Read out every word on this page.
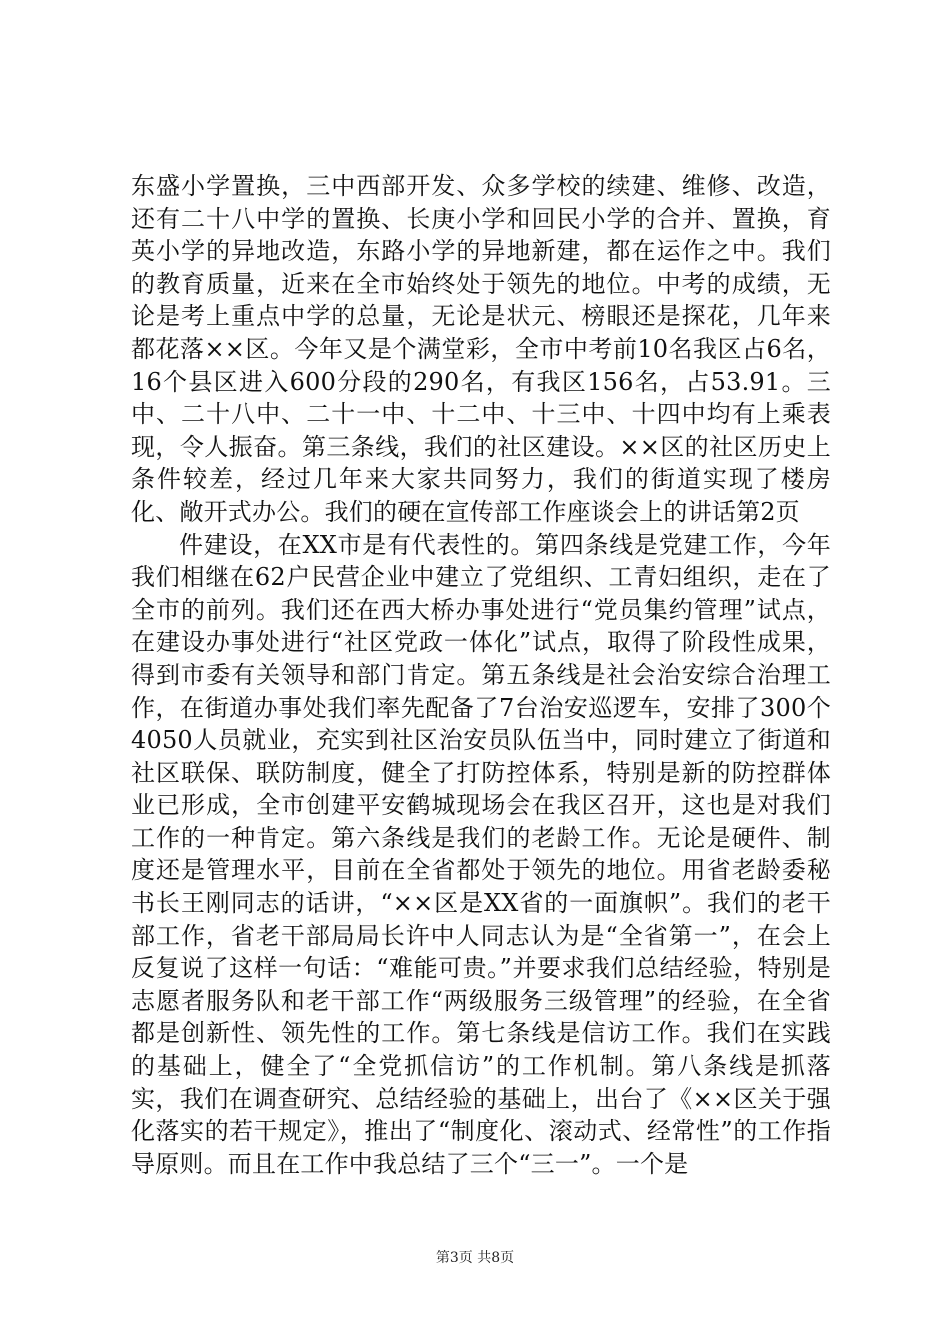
东盛小学置换，三中西部开发、众多学校的续建、维修、改造，还有二十八中学的置换、长庚小学和回民小学的合并、置换，育英小学的异地改造，东路小学的异地新建，都在运作之中。我们的教育质量，近来在全市始终处于领先的地位。中考的成绩，无论是考上重点中学的总量，无论是状元、榜眼还是探花，几年来都花落××区。今年又是个满堂彩，全市中考前10名我区占6名，16个县区进入600分段的290名，有我区156名，占53.91。三中、二十八中、二十一中、十二中、十三中、十四中均有上乘表现，令人振奋。第三条线，我们的社区建设。××区的社区历史上条件较差，经过几年来大家共同努力，我们的街道实现了楼房化、敞开式办公。我们的硬在宣传部工作座谈会上的讲话第2页

件建设，在XX市是有代表性的。第四条线是党建工作，今年我们相继在62户民营企业中建立了党组织、工青妇组织，走在了全市的前列。我们还在西大桥办事处进行“党员集约管理”试点，在建设办事处进行“社区党政一体化”试点，取得了阶段性成果，得到市委有关领导和部门肯定。第五条线是社会治安综合治理工作，在街道办事处我们率先配备了7台治安巡逻车，安排了300个4050人员就业，充实到社区治安员队伍当中，同时建立了街道和社区联保、联防制度，健全了打防控体系，特别是新的防控群体业已形成，全市创建平安鹤城现场会在我区召开，这也是对我们工作的一种肯定。第六条线是我们的老龄工作。无论是硬件、制度还是管理水平，目前在全省都处于领先的地位。用省老龄委秘书长王刚同志的话讲，“××区是XX省的一面旗帜”。我们的老干部工作，省老干部局局长许中人同志认为是“全省第一”，在会上反复说了这样一句话：“难能可贵。”并要求我们总结经验，特别是志愿者服务队和老干部工作“两级服务三级管理”的经验，在全省都是创新性、领先性的工作。第七条线是信访工作。我们在实践的基础上，健全了“全党抓信访”的工作机制。第八条线是抓落实，我们在调查研究、总结经验的基础上，出台了《××区关于强化落实的若干规定》，推出了“制度化、滚动式、经常性”的工作指导原则。而且在工作中我总结了三个“三一”。一个是

第3页 共8页
